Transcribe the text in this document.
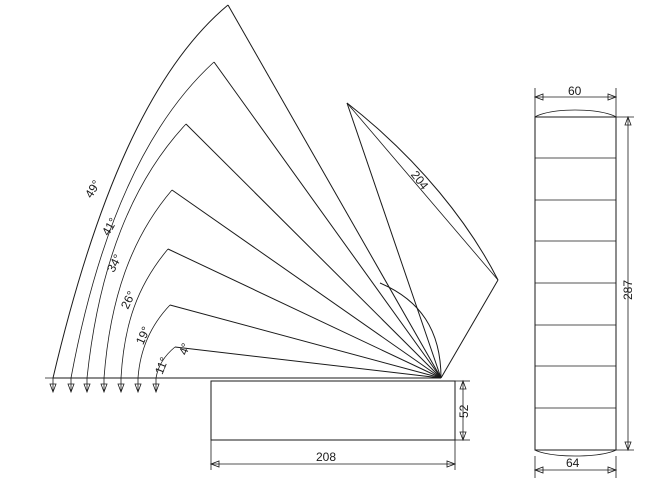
49°
41°
34°
26°
19°
11°
4°
204
208
52
60
287
64
